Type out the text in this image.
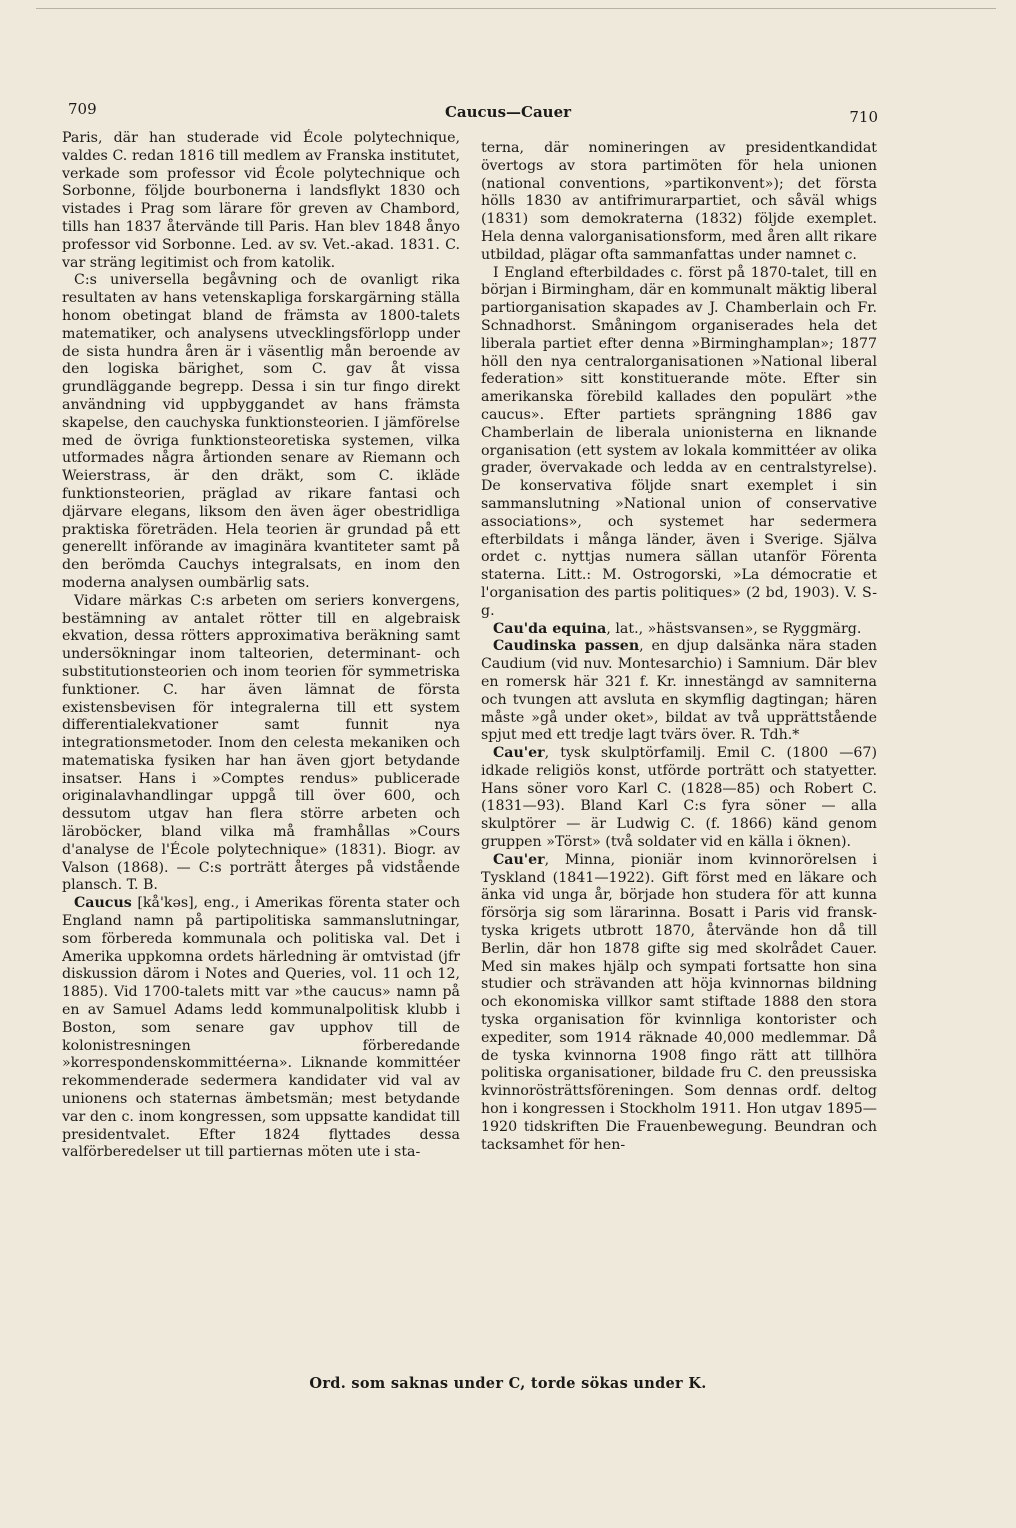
709	Caucus—Cauer	710

Paris, där han studerade vid École polytechnique, valdes C. redan 1816 till medlem av Franska institutet, verkade som professor vid École polytechnique och Sorbonne, följde bourbonerna i landsflykt 1830 och vistades i Prag som lärare för greven av Chambord, tills han 1837 återvände till Paris. Han blev 1848 ånyo professor vid Sorbonne. Led. av sv. Vet.-akad. 1831. C. var sträng legitimist och from katolik.

C:s universella begåvning och de ovanligt rika resultaten av hans vetenskapliga forskargärning ställa honom obetingat bland de främsta av 1800-talets matematiker, och analysens utvecklingsförlopp under de sista hundra åren är i väsentlig mån beroende av den logiska bärighet, som C. gav åt vissa grundläggande begrepp. Dessa i sin tur fingo direkt användning vid uppbyggandet av hans främsta skapelse, den cauchyska funktionsteorien. I jämförelse med de övriga funktionsteoretiska systemen, vilka utformades några årtionden senare av Riemann och Weierstrass, är den dräkt, som C. ikläde funktionsteorien, präglad av rikare fantasi och djärvare elegans, liksom den även äger obestridliga praktiska företräden. Hela teorien är grundad på ett generellt införande av imaginära kvantiteter samt på den berömda Cauchys integralsats, en inom den moderna analysen oumbärlig sats.

Vidare märkas C:s arbeten om seriers konvergens, bestämning av antalet rötter till en algebraisk ekvation, dessa rötters approximativa beräkning samt undersökningar inom talteorien, determinant- och substitutionsteorien och inom teorien för symmetriska funktioner. C. har även lämnat de första existensbevisen för integralerna till ett system differentialekvationer samt funnit nya integrationsmetoder. Inom den celesta mekaniken och matematiska fysiken har han även gjort betydande insatser. Hans i »Comptes rendus» publicerade originalavhandlingar uppgå till över 600, och dessutom utgav han flera större arbeten och läroböcker, bland vilka må framhållas »Cours d'analyse de l'École polytechnique» (1831). Biogr. av Valson (1868). — C:s porträtt återges på vidstående plansch. T. B.

Caucus [kå'kəs], eng., i Amerikas förenta stater och England namn på partipolitiska sammanslutningar, som förbereda kommunala och politiska val. Det i Amerika uppkomna ordets härledning är omtvistad (jfr diskussion därom i Notes and Queries, vol. 11 och 12, 1885). Vid 1700-talets mitt var »the caucus» namn på en av Samuel Adams ledd kommunalpolitisk klubb i Boston, som senare gav upphov till de kolonistresningen förberedande »korrespondenskommittéerna». Liknande kommittéer rekommenderade sedermera kandidater vid val av unionens och staternas ämbetsmän; mest betydande var den c. inom kongressen, som uppsatte kandidat till presidentvalet. Efter 1824 flyttades dessa valförberedelser ut till partiernas möten ute i sta-

terna, där nomineringen av presidentkandidat övertogs av stora partimöten för hela unionen (national conventions, »partikonvent»); det första hölls 1830 av antifrimurarpartiet, och såväl whigs (1831) som demokraterna (1832) följde exemplet. Hela denna valorganisationsform, med åren allt rikare utbildad, plägar ofta sammanfattas under namnet c.

I England efterbildades c. först på 1870-talet, till en början i Birmingham, där en kommunalt mäktig liberal partiorganisation skapades av J. Chamberlain och Fr. Schnadhorst. Småningom organiserades hela det liberala partiet efter denna »Birminghamplan»; 1877 höll den nya centralorganisationen »National liberal federation» sitt konstituerande möte. Efter sin amerikanska förebild kallades den populärt »the caucus». Efter partiets sprängning 1886 gav Chamberlain de liberala unionisterna en liknande organisation (ett system av lokala kommittéer av olika grader, övervakade och ledda av en centralstyrelse). De konservativa följde snart exemplet i sin sammanslutning »National union of conservative associations», och systemet har sedermera efterbildats i många länder, även i Sverige. Själva ordet c. nyttjas numera sällan utanför Förenta staterna. Litt.: M. Ostrogorski, »La démocratie et l'organisation des partis politiques» (2 bd, 1903). V. S-g.

Cau'da equina, lat., »hästsvansen», se Ryggmärg.

Caudinska passen, en djup dalsänka nära staden Caudium (vid nuv. Montesarchio) i Samnium. Där blev en romersk här 321 f. Kr. innestängd av samniterna och tvungen att avsluta en skymflig dagtingan; hären måste »gå under oket», bildat av två upprättstående spjut med ett tredje lagt tvärs över. R. Tdh.*

Cau'er, tysk skulptörfamilj. Emil C. (1800 —67) idkade religiös konst, utförde porträtt och statyetter. Hans söner voro Karl C. (1828—85) och Robert C. (1831—93). Bland Karl C:s fyra söner — alla skulptörer — är Ludwig C. (f. 1866) känd genom gruppen »Törst» (två soldater vid en källa i öknen).

Cau'er, Minna, pioniär inom kvinnorörelsen i Tyskland (1841—1922). Gift först med en läkare och änka vid unga år, började hon studera för att kunna försörja sig som lärarinna. Bosatt i Paris vid fransk-tyska krigets utbrott 1870, återvände hon då till Berlin, där hon 1878 gifte sig med skolrådet Cauer. Med sin makes hjälp och sympati fortsatte hon sina studier och strävanden att höja kvinnornas bildning och ekonomiska villkor samt stiftade 1888 den stora tyska organisation för kvinnliga kontorister och expediter, som 1914 räknade 40,000 medlemmar. Då de tyska kvinnorna 1908 fingo rätt att tillhöra politiska organisationer, bildade fru C. den preussiska kvinnorösträttsföreningen. Som dennas ordf. deltog hon i kongressen i Stockholm 1911. Hon utgav 1895—1920 tidskriften Die Frauenbewegung. Beundran och tacksamhet för hen-

Ord. som saknas under C, torde sökas under K.
